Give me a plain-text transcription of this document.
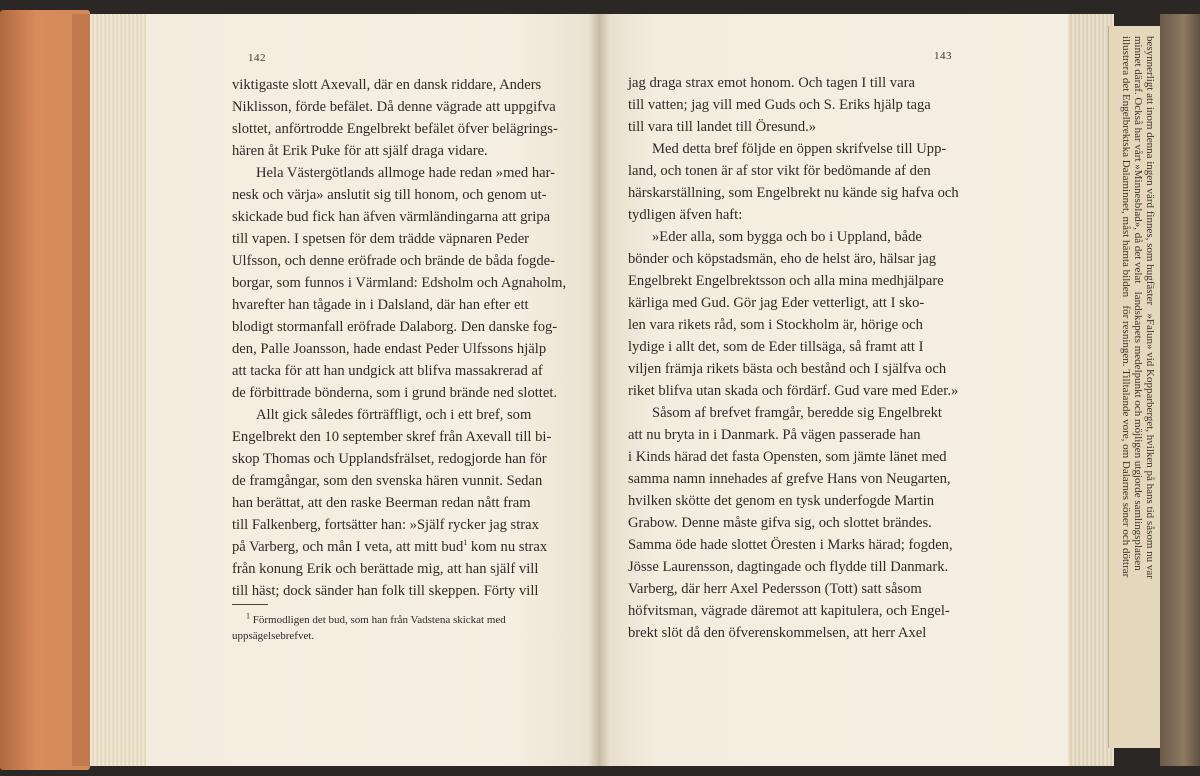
142	143
viktigaste slott Axevall, där en dansk riddare, Anders
Niklisson, förde befälet. Då denne vägrade att uppgifva
slottet, anförtrodde Engelbrekt befälet öfver belägrings-
hären åt Erik Puke för att själf draga vidare.
Hela Västergötlands allmoge hade redan »med har-
nesk och värja» anslutit sig till honom, och genom ut-
skickade bud fick han äfven värmländingarna att gripa
till vapen. I spetsen för dem trädde väpnaren Peder
Ulfsson, och denne eröfrade och brände de båda fogde-
borgar, som funnos i Värmland: Edsholm och Agnaholm,
hvarefter han tågade in i Dalsland, där han efter ett
blodigt stormanfall eröfrade Dalaborg. Den danske fog-
den, Palle Joansson, hade endast Peder Ulfssons hjälp
att tacka för att han undgick att blifva massakrerad af
de förbittrade bönderna, som i grund brände ned slottet.
Allt gick således förträffligt, och i ett bref, som
Engelbrekt den 10 september skref från Axevall till bi-
skop Thomas och Upplandsfrälset, redogjorde han för
de framgångar, som den svenska hären vunnit. Sedan
han berättat, att den raske Beerman redan nått fram
till Falkenberg, fortsätter han: »Själf rycker jag strax
på Varberg, och mån I veta, att mitt bud$^1$ kom nu strax
från konung Erik och berättade mig, att han själf vill
till häst; dock sänder han folk till skeppen. Förty vill
$^1$ Förmodligen det bud, som han från Vadstena skickat med
uppsägelsebrefvet.
jag draga strax emot honom. Och tagen I till vara
till vatten; jag vill med Guds och S. Eriks hjälp taga
till vara till landet till Öresund.»
Med detta bref följde en öppen skrifvelse till Upp-
land, och tonen är af stor vikt för bedömande af den
härskarställning, som Engelbrekt nu kände sig hafva och
tydligen äfven haft:
»Eder alla, som bygga och bo i Uppland, både
bönder och köpstadsmän, eho de helst äro, hälsar jag
Engelbrekt Engelbrektsson och alla mina medhjälpare
kärliga med Gud. Gör jag Eder vetterligt, att I sko-
len vara rikets råd, som i Stockholm är, hörige och
lydige i allt det, som de Eder tillsäga, så framt att I
viljen främja rikets bästa och bestånd och I själfva och
riket blifva utan skada och fördärf. Gud vare med Eder.»
Såsom af brefvet framgår, beredde sig Engelbrekt
att nu bryta in i Danmark. På vägen passerade han
i Kinds härad det fasta Opensten, som jämte länet med
samma namn innehades af grefve Hans von Neugarten,
hvilken skötte det genom en tysk underfogde Martin
Grabow. Denne måste gifva sig, och slottet brändes.
Samma öde hade slottet Öresten i Marks härad; fogden,
Jösse Laurensson, dagtingade och flydde till Danmark.
Varberg, där herr Axel Pedersson (Tott) satt såsom
höfvitsman, vägrade däremot att kapitulera, och Engel-
brekt slöt då den öfverenskommelsen, att herr Axel
besynnerligt att inom denna ingen värd finnes, som hugfäster   »Falun» vid Kopparberget, hvilken på hans tid såsom nu var
minnet däraf. Också har vårt »Minnesblad», då det velat   landskapets medelpunkt och möjligen utgjorde samlingsplatsen
illustrera det Engelbrektska Dalaminnet, måst hämta bilden   för resningen. Tilltalande vore, om Dalarnes söner och döttrar
